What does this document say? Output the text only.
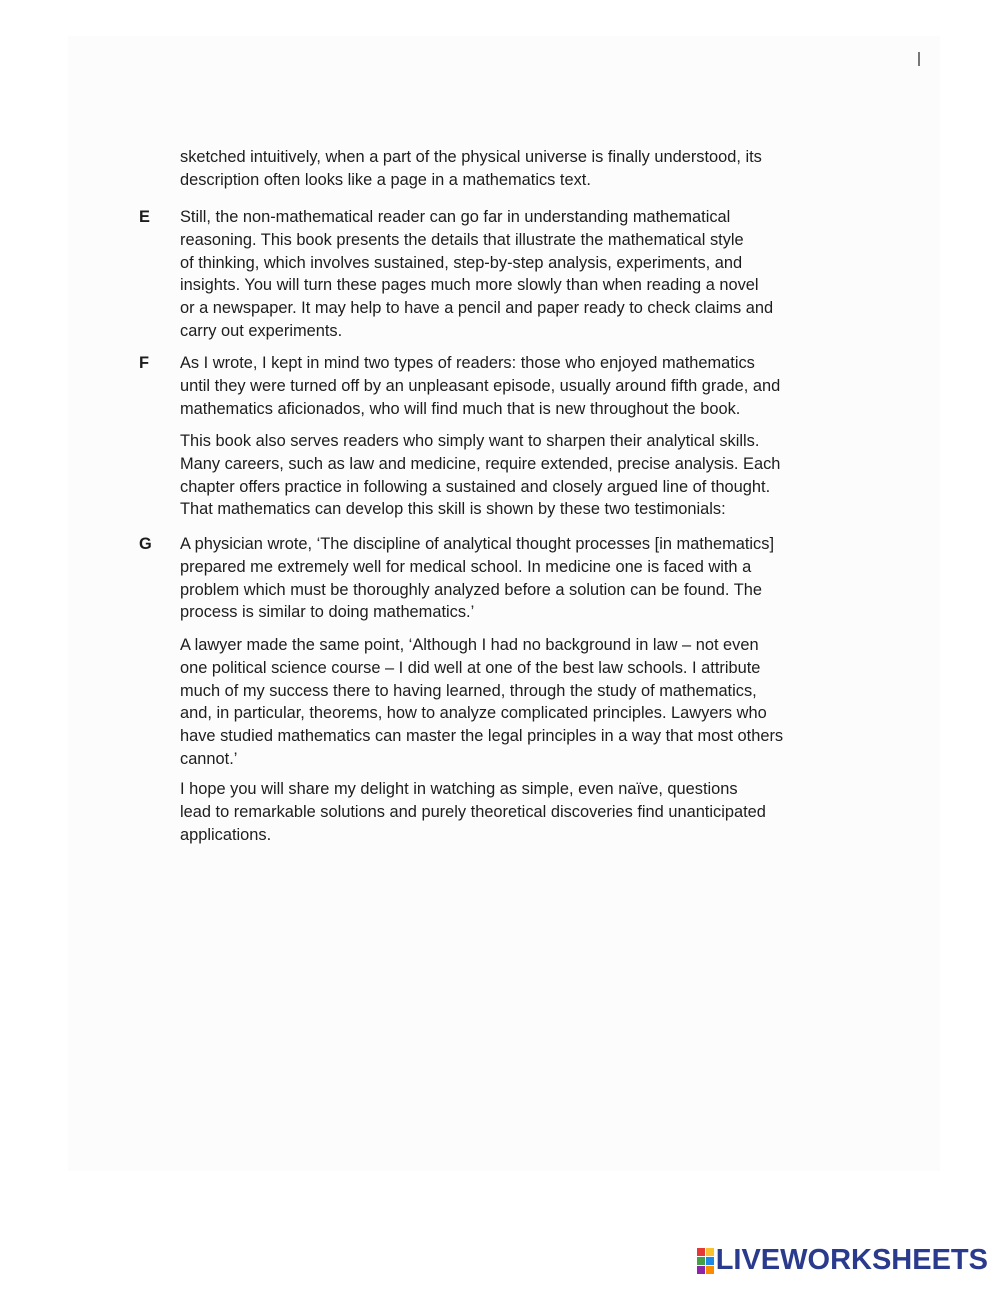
sketched intuitively, when a part of the physical universe is finally understood, its
description often looks like a page in a mathematics text.

E Still, the non-mathematical reader can go far in understanding mathematical
reasoning. This book presents the details that illustrate the mathematical style
of thinking, which involves sustained, step-by-step analysis, experiments, and
insights. You will turn these pages much more slowly than when reading a novel
or a newspaper. It may help to have a pencil and paper ready to check claims and
carry out experiments.

F As I wrote, I kept in mind two types of readers: those who enjoyed mathematics
until they were turned off by an unpleasant episode, usually around fifth grade, and
mathematics aficionados, who will find much that is new throughout the book.

This book also serves readers who simply want to sharpen their analytical skills.
Many careers, such as law and medicine, require extended, precise analysis. Each
chapter offers practice in following a sustained and closely argued line of thought.
That mathematics can develop this skill is shown by these two testimonials:

G A physician wrote, ‘The discipline of analytical thought processes [in mathematics]
prepared me extremely well for medical school. In medicine one is faced with a
problem which must be thoroughly analyzed before a solution can be found. The
process is similar to doing mathematics.’

A lawyer made the same point, ‘Although I had no background in law – not even
one political science course – I did well at one of the best law schools. I attribute
much of my success there to having learned, through the study of mathematics,
and, in particular, theorems, how to analyze complicated principles. Lawyers who
have studied mathematics can master the legal principles in a way that most others
cannot.’

I hope you will share my delight in watching as simple, even naïve, questions
lead to remarkable solutions and purely theoretical discoveries find unanticipated
applications.

LIVEWORKSHEETS
